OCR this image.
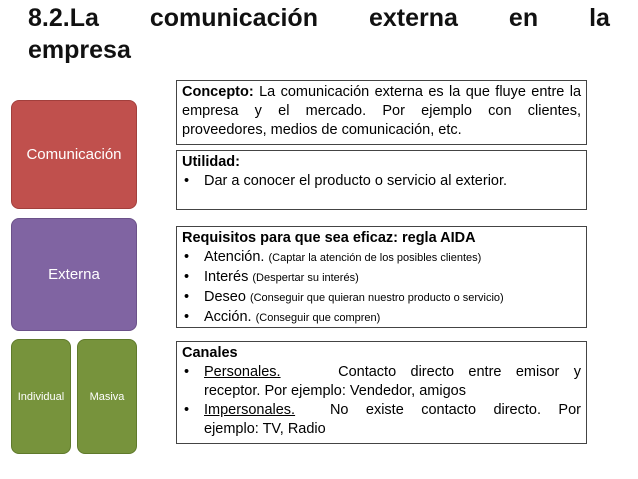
8.2.La comunicación externa en la
empresa
Comunicación
Externa
Individual Masiva
Concepto: La comunicación externa es la que fluye entre la empresa y el mercado. Por ejemplo con clientes, proveedores, medios de comunicación, etc.
Utilidad:
• Dar a conocer el producto o servicio al exterior.
Requisitos para que sea eficaz: regla AIDA
• Atención. (Captar la atención de los posibles clientes)
• Interés (Despertar su interés)
• Deseo (Conseguir que quieran nuestro producto o servicio)
• Acción. (Conseguir que compren)
Canales
• Personales.	Contacto directo entre emisor y
receptor. Por ejemplo: Vendedor, amigos
• Impersonales. No existe contacto directo. Por
ejemplo: TV, Radio
